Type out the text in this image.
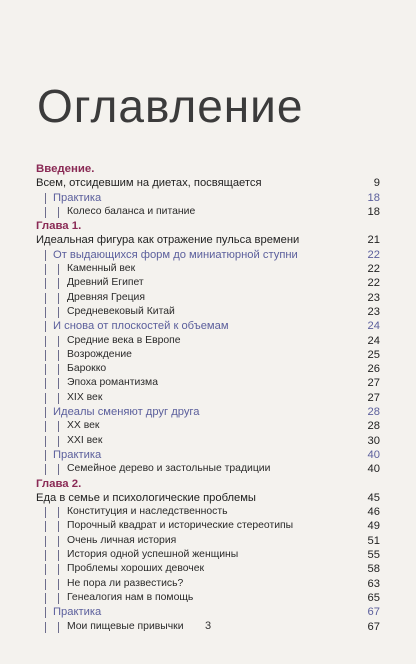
Оглавление
Введение.
Всем, отсидевшим на диетах, посвящается	9
Практика	18
Колесо баланса и питание	18
Глава 1.
Идеальная фигура как отражение пульса времени	21
От выдающихся форм до миниатюрной ступни	22
Каменный век	22
Древний Египет	22
Древняя Греция	23
Средневековый Китай	23
И снова от плоскостей к объемам	24
Средние века в Европе	24
Возрождение	25
Барокко	26
Эпоха романтизма	27
XIX век	27
Идеалы сменяют друг друга	28
XX век	28
XXI век	30
Практика	40
Семейное дерево и застольные традиции	40
Глава 2.
Еда в семье и психологические проблемы	45
Конституция и наследственность	46
Порочный квадрат и исторические стереотипы	49
Очень личная история	51
История одной успешной женщины	55
Проблемы хороших девочек	58
Не пора ли развестись?	63
Генеалогия нам в помощь	65
Практика	67
Мои пищевые привычки	67
3
